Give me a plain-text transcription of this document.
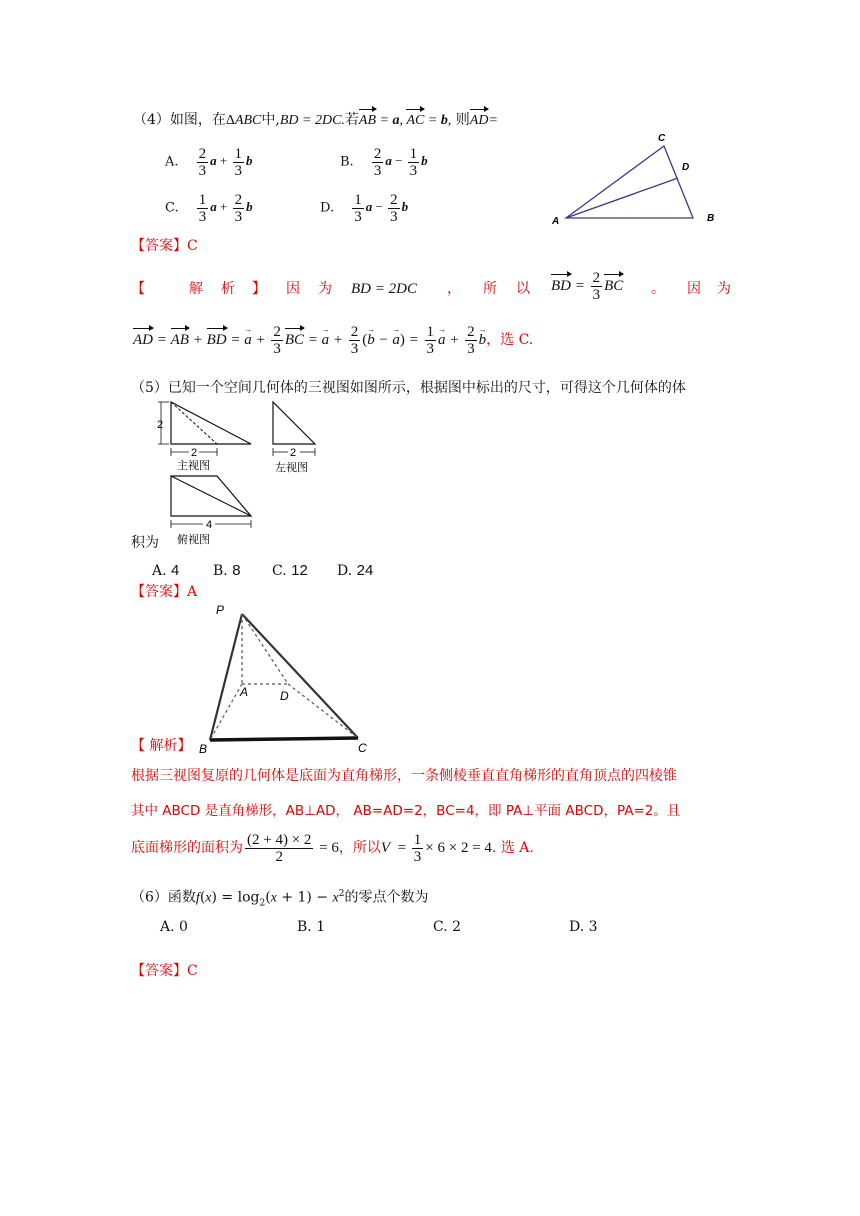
（4）如图，在ΔABC中,BD = 2DC.若AB = a, AC = b, 则AD=
A. $\frac{2}{3}$ $a + \frac{1}{3}$ b	B. $\frac{2}{3}$ $a - \frac{1}{3}$ b
C. $\frac{1}{3}$ $a + \frac{2}{3}$ b	D. $\frac{1}{3}$ $a - \frac{2}{3}$ b
A
C
D
B
【答案】C
【	解 析 】 因 为 BD = 2DC ， 所 以 BD = $\frac{2}{3}$ BC 。 因 为
AD = AB + BD = a → + $\frac{2}{3}$ BC = a → + $\frac{2}{3} (b$ → − a →) = $\frac{1}{3}$ a → + $\frac{2}{3}$ b →，选 C.
（5）已知一个空间几何体的三视图如图所示，根据图中标出的尺寸，可得这个几何体的体
2
2
主视图
2
左视图
4
俯视图
积为
A. 4 B. 8 C. 12 D. 24
【答案】A
P
A	D
B	C
【 解析】
根据三视图复原的几何体是底面为直角梯形，一条侧棱垂直直角梯形的直角顶点的四棱锥
其中 ABCD 是直角梯形，AB⊥AD， AB=AD=2，BC=4，即 PA⊥平面 ABCD，PA=2。且
底面梯形的面积为 $\frac{(2 + 4) \times 2}{2} = 6$，所以$V = \frac{1}{3} \times 6 \times 2 = 4$. 选 A.
（6）函数$f(x) = \log_2(x + 1) - x^2$的零点个数为
A. 0	B. 1	C. 2	D. 3
【答案】C
